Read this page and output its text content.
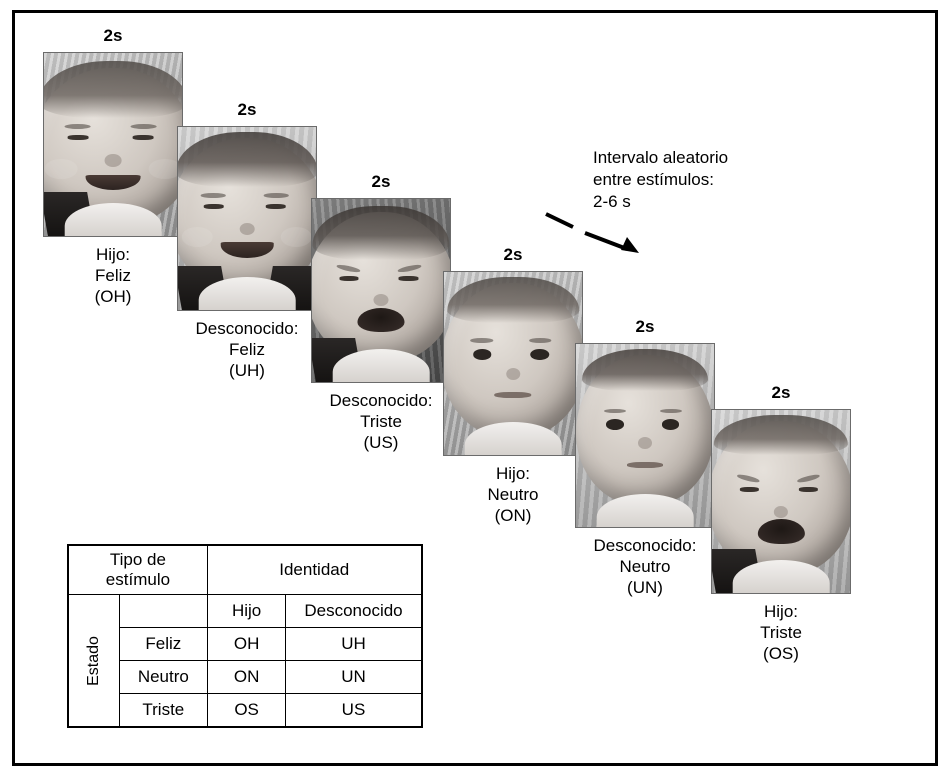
2s
Hijo:
Feliz
(OH)
2s
Desconocido:
Feliz
(UH)
2s
Desconocido:
Triste
(US)
2s
Hijo:
Neutro
(ON)
2s
Desconocido:
Neutro
(UN)
2s
Hijo:
Triste
(OS)
Intervalo aleatorio
entre estímulos:
2-6 s
Tipo de
estímulo		Identidad	

Estado		Hijo	Desconocido
	Feliz	OH	UH
	Neutro	ON	UN
	Triste	OS	US
